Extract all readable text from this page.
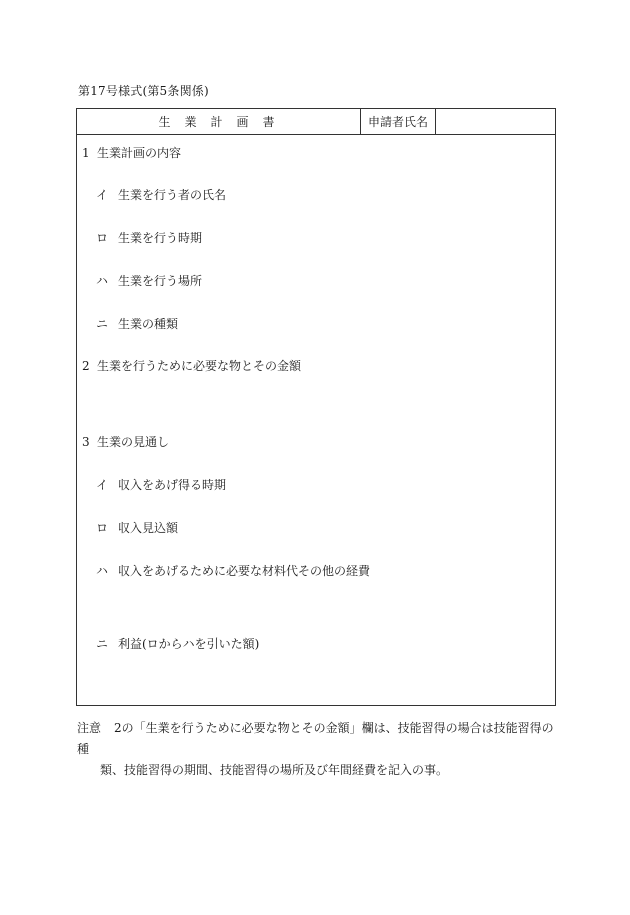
第17号様式(第5条関係)
生業計画書	申請者氏名
1 生業計画の内容
イ 生業を行う者の氏名
ロ 生業を行う時期
ハ 生業を行う場所
ニ 生業の種類
2 生業を行うために必要な物とその金額
3 生業の見通し
イ 収入をあげ得る時期
ロ 収入見込額
ハ 収入をあげるために必要な材料代その他の経費
ニ 利益(ロからハを引いた額)
注意 2の「生業を行うために必要な物とその金額」欄は、技能習得の場合は技能習得の種
類、技能習得の期間、技能習得の場所及び年間経費を記入の事。
